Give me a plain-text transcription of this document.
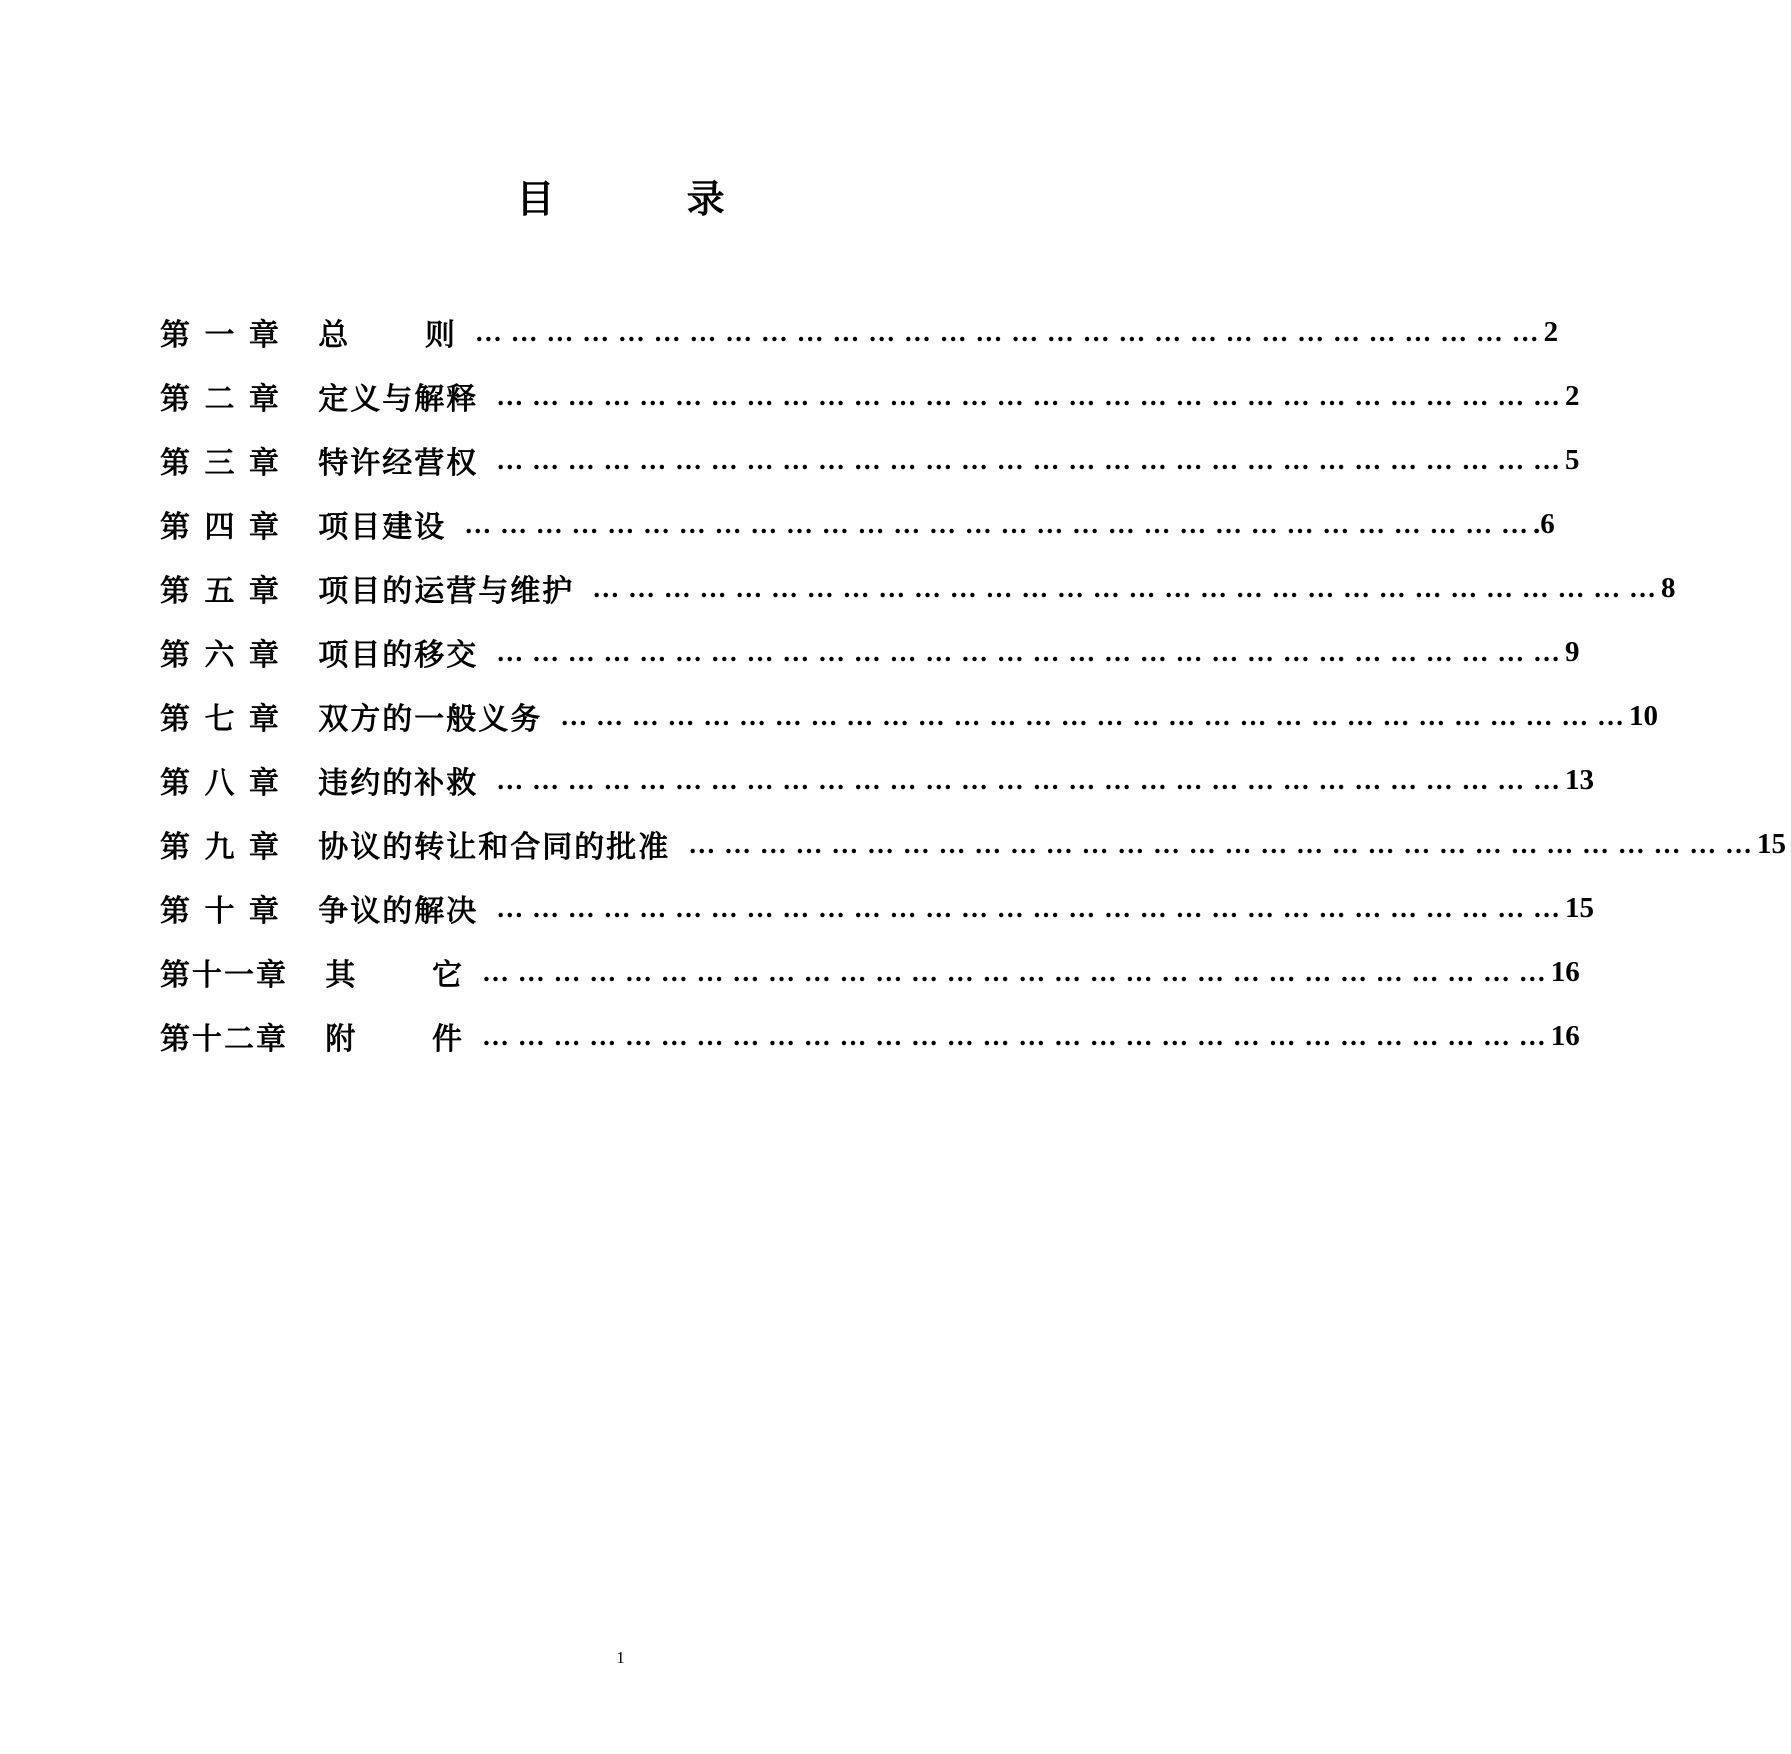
目          录
第 一 章   总      则 … … … … … … … … … … … … … … … … … … … … … … … … … … … … … … 2
第 二 章   定义与解释 … … … … … … … … … … … … … … … … … … … … … … … … … … … … … … 2
第 三 章   特许经营权 … … … … … … … … … … … … … … … … … … … … … … … … … … … … … … 5
第 四 章   项目建设 … … … … … … … … … … … … … … … … … … … … … … … … … … … … … … .6
第 五 章   项目的运营与维护 … … … … … … … … … … … … … … … … … … … … … … … … … … … … … … 8
第 六 章   项目的移交 … … … … … … … … … … … … … … … … … … … … … … … … … … … … … … 9
第 七 章   双方的一般义务 … … … … … … … … … … … … … … … … … … … … … … … … … … … … … … 10
第 八 章   违约的补救 … … … … … … … … … … … … … … … … … … … … … … … … … … … … … … 13
第 九 章   协议的转让和合同的批准 … … … … … … … … … … … … … … … … … … … … … … … … … … … … … … 15
第 十 章   争议的解决 … … … … … … … … … … … … … … … … … … … … … … … … … … … … … … 15
第十一章   其      它 … … … … … … … … … … … … … … … … … … … … … … … … … … … … … … 16
第十二章   附      件 … … … … … … … … … … … … … … … … … … … … … … … … … … … … … … 16
1
